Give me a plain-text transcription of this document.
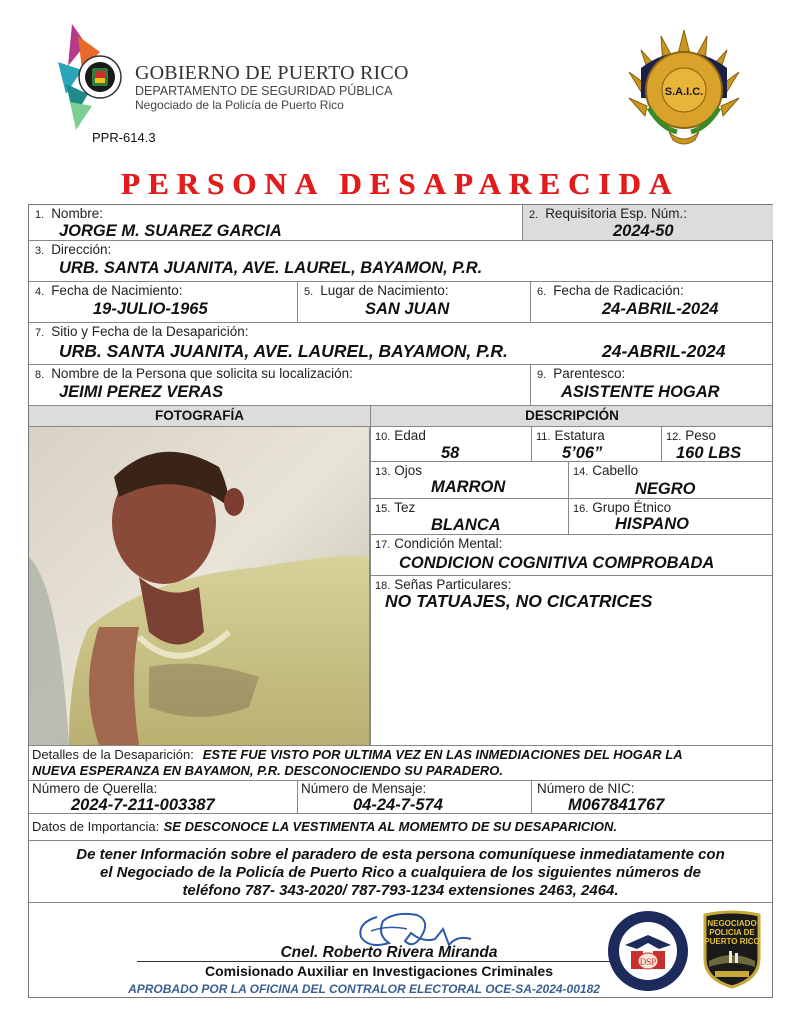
GOBIERNO DE PUERTO RICO
DEPARTAMENTO DE SEGURIDAD PÚBLICA
Negociado de la Policía de Puerto Rico
PPR-614.3
S.A.I.C.
PERSONA DESAPARECIDA
1. Nombre:
JORGE M. SUAREZ GARCIA
2. Requisitoria Esp. Núm.:
2024-50
3. Dirección:
URB. SANTA JUANITA, AVE. LAUREL, BAYAMON, P.R.
4. Fecha de Nacimiento:
19-JULIO-1965
5. Lugar de Nacimiento:
SAN JUAN
6. Fecha de Radicación:
24-ABRIL-2024
7. Sitio y Fecha de la Desaparición:
URB. SANTA JUANITA, AVE. LAUREL, BAYAMON, P.R.	24-ABRIL-2024
8. Nombre de la Persona que solicita su localización:
JEIMI PEREZ VERAS
9. Parentesco:
ASISTENTE HOGAR
FOTOGRAFÍA	DESCRIPCIÓN
10. Edad
58
11. Estatura
5’06”
12. Peso
160 LBS
13. Ojos
MARRON
14. Cabello
NEGRO
15. Tez
BLANCA
16. Grupo Étnico
HISPANO
17. Condición Mental:
CONDICION COGNITIVA COMPROBADA
18. Señas Particulares:
NO TATUAJES, NO CICATRICES
Detalles de la Desaparición: ESTE FUE VISTO POR ULTIMA VEZ EN LAS INMEDIACIONES DEL HOGAR LA
NUEVA ESPERANZA EN BAYAMON, P.R. DESCONOCIENDO SU PARADERO.
Número de Querella:
2024-7-211-003387
Número de Mensaje:
04-24-7-574
Número de NIC:
M067841767
Datos de Importancia: SE DESCONOCE LA VESTIMENTA AL MOMEMTO DE SU DESAPARICION.
De tener Información sobre el paradero de esta persona comuníquese inmediatamente con
el Negociado de la Policía de Puerto Rico a cualquiera de los siguientes números de
teléfono 787- 343-2020/ 787-793-1234 extensiones 2463, 2464.
Cnel. Roberto Rivera Miranda
Comisionado Auxiliar en Investigaciones Criminales
APROBADO POR LA OFICINA DEL CONTRALOR ELECTORAL OCE-SA-2024-00182
DSP
NEGOCIADO
POLICIA DE
PUERTO RICO
